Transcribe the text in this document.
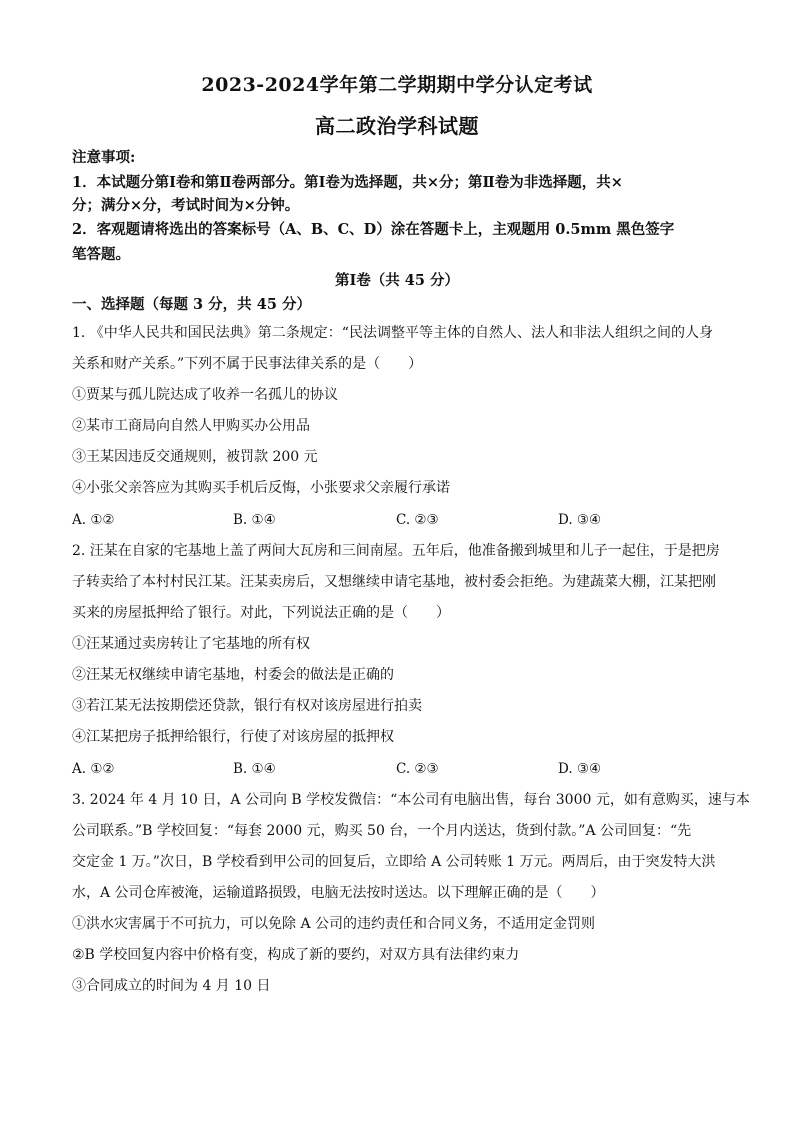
2023-2024学年第二学期期中学分认定考试
高二政治学科试题
注意事项:
1．本试题分第Ⅰ卷和第Ⅱ卷两部分。第Ⅰ卷为选择题，共×分；第Ⅱ卷为非选择题，共×
分；满分×分，考试时间为×分钟。
2．客观题请将选出的答案标号（A、B、C、D）涂在答题卡上，主观题用 0.5mm 黑色签字
笔答题。
第Ⅰ卷（共 45 分）
一、选择题（每题 3 分，共 45 分）
1. 《中华人民共和国民法典》第二条规定：“民法调整平等主体的自然人、法人和非法人组织之间的人身
关系和财产关系。”下列不属于民事法律关系的是（　　）
①贾某与孤儿院达成了收养一名孤儿的协议
②某市工商局向自然人甲购买办公用品
③王某因违反交通规则，被罚款 200 元
④小张父亲答应为其购买手机后反悔，小张要求父亲履行承诺
A. ①②	B. ①④	C. ②③	D. ③④
2. 汪某在自家的宅基地上盖了两间大瓦房和三间南屋。五年后，他准备搬到城里和儿子一起住，于是把房
子转卖给了本村村民江某。汪某卖房后，又想继续申请宅基地，被村委会拒绝。为建蔬菜大棚，江某把刚
买来的房屋抵押给了银行。对此，下列说法正确的是（　　）
①汪某通过卖房转让了宅基地的所有权
②汪某无权继续申请宅基地，村委会的做法是正确的
③若江某无法按期偿还贷款，银行有权对该房屋进行拍卖
④江某把房子抵押给银行，行使了对该房屋的抵押权
A. ①②	B. ①④	C. ②③	D. ③④
3. 2024 年 4 月 10 日，A 公司向 B 学校发微信：“本公司有电脑出售，每台 3000 元，如有意购买，速与本
公司联系。”B 学校回复：“每套 2000 元，购买 50 台，一个月内送达，货到付款。”A 公司回复：“先
交定金 1 万。”次日，B 学校看到甲公司的回复后，立即给 A 公司转账 1 万元。两周后，由于突发特大洪
水，A 公司仓库被淹，运输道路损毁，电脑无法按时送达。以下理解正确的是（　　）
①洪水灾害属于不可抗力，可以免除 A 公司的违约责任和合同义务，不适用定金罚则
②B 学校回复内容中价格有变，构成了新的要约，对双方具有法律约束力
③合同成立的时间为 4 月 10 日
